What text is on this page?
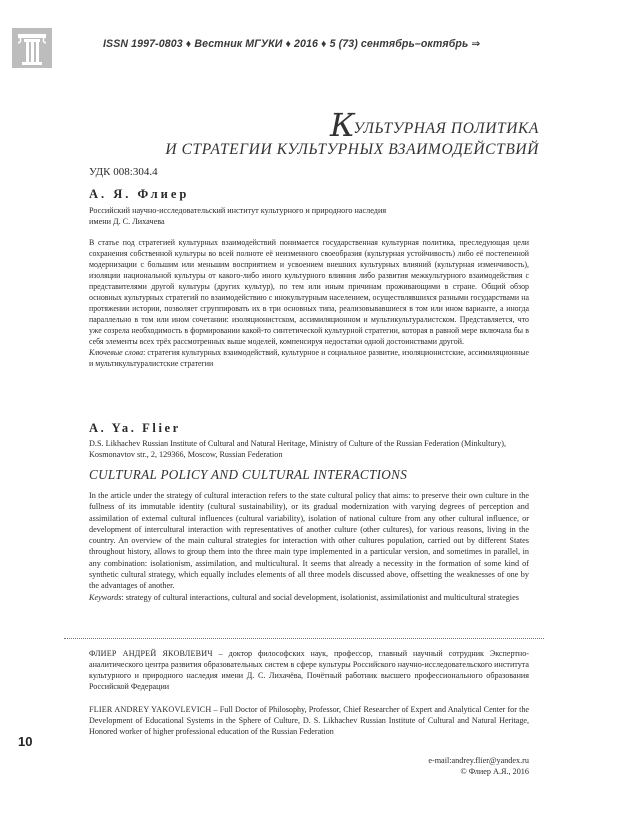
ISSN 1997-0803 ♦ Вестник МГУКИ ♦ 2016 ♦ 5 (73) сентябрь–октябрь ⇒
КУЛЬТУРНАЯ ПОЛИТИКА
И СТРАТЕГИИ КУЛЬТУРНЫХ ВЗАИМОДЕЙСТВИЙ
УДК 008:304.4
А. Я. Флиер
Российский научно-исследовательский институт культурного и природного наследия
имени Д. С. Лихачева
В статье под стратегией культурных взаимодействий понимается государственная культурная политика, преследующая цели сохранения собственной культуры во всей полноте её неизменного своеобразия (культурная устойчивость) либо её постепенной модернизации с большим или меньшим восприятием и усвоением внешних культурных влияний (культурная изменчивость), изоляции национальной культуры от какого-либо иного культурного влияния либо развития межкультурного взаимодействия с представителями другой культуры (других культур), по тем или иным причинам проживающими в стране. Общий обзор основных культурных стратегий по взаимодействию с инокультурным населением, осуществлявшихся разными государствами на протяжении истории, позволяет сгруппировать их в три основных типа, реализовывавшиеся в том или ином варианте, а иногда параллельно в том или ином сочетании: изоляционистском, ассимиляционном и мультикультуралистском. Представляется, что уже созрела необходимость в формировании какой-то синтетической культурной стратегии, которая в равной мере включала бы в себя элементы всех трёх рассмотренных выше моделей, компенсируя недостатки одной достоинствами другой.
Ключевые слова: стратегия культурных взаимодействий, культурное и социальное развитие, изоляционистские, ассимиляционные и мультикультуралистские стратегии
A. Ya. Flier
D.S. Likhachev Russian Institute of Cultural and Natural Heritage, Ministry of Culture of the Russian Federation (Minkultury), Kosmonavtov str., 2, 129366, Moscow, Russian Federation
CULTURAL POLICY AND CULTURAL INTERACTIONS
In the article under the strategy of cultural interaction refers to the state cultural policy that aims: to preserve their own culture in the fullness of its immutable identity (cultural sustainability), or its gradual modernization with varying degrees of perception and assimilation of external cultural influences (cultural variability), isolation of national culture from any other cultural influence, or development of intercultural interaction with representatives of another culture (other cultures), for various reasons, living in the country. An overview of the main cultural strategies for interaction with other cultures population, carried out by different States throughout history, allows to group them into the three main type implemented in a particular version, and sometimes in parallel, in any combination: isolationism, assimilation, and multicultural. It seems that already a necessity in the formation of some kind of synthetic cultural strategy, which equally includes elements of all three models discussed above, offsetting the weaknesses of one by the advantages of another.
Keywords: strategy of cultural interactions, cultural and social development, isolationist, assimilationist and multicultural strategies
ФЛИЕР АНДРЕЙ ЯКОВЛЕВИЧ – доктор философских наук, профессор, главный научный сотрудник Экспертно-аналитического центра развития образовательных систем в сфере культуры Российского научно-исследовательского института культурного и природного наследия имени Д. С. Лихачёва, Почётный работник высшего профессионального образования Российской Федерации
FLIER ANDREY YAKOVLEVICH – Full Doctor of Philosophy, Professor, Chief Researcher of Expert and Analytical Center for the Development of Educational Systems in the Sphere of Culture, D. S. Likhachev Russian Institute of Cultural and Natural Heritage, Honored worker of higher professional education of the Russian Federation
10
e-mail:andrey.flier@yandex.ru
© Флиер А.Я., 2016
